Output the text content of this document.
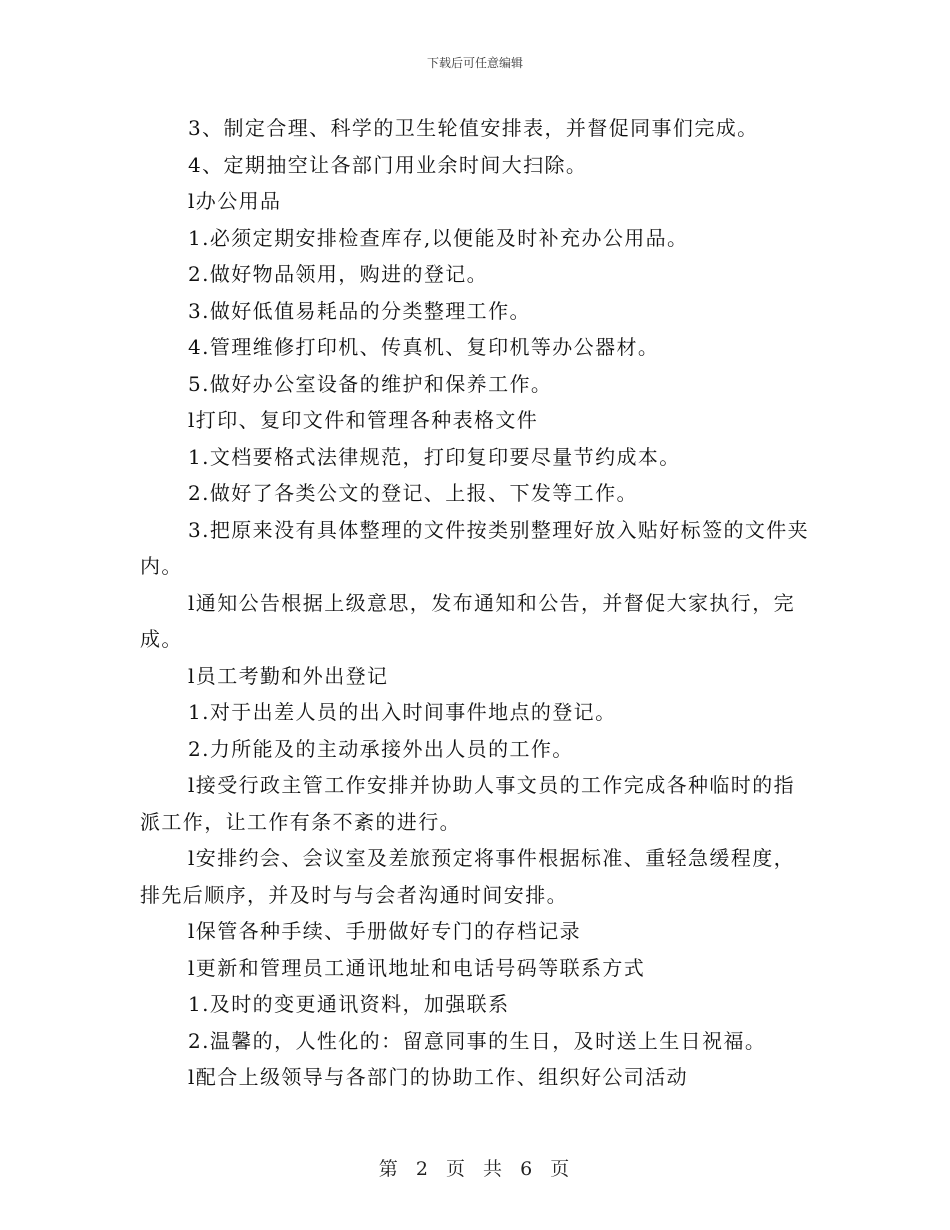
下载后可任意编辑

3、制定合理、科学的卫生轮值安排表，并督促同事们完成。

4、定期抽空让各部门用业余时间大扫除。

l办公用品

1.必须定期安排检查库存,以便能及时补充办公用品。

2.做好物品领用，购进的登记。

3.做好低值易耗品的分类整理工作。

4.管理维修打印机、传真机、复印机等办公器材。

5.做好办公室设备的维护和保养工作。

l打印、复印文件和管理各种表格文件

1.文档要格式法律规范，打印复印要尽量节约成本。

2.做好了各类公文的登记、上报、下发等工作。

3.把原来没有具体整理的文件按类别整理好放入贴好标签的文件夹内。

l通知公告根据上级意思，发布通知和公告，并督促大家执行，完成。

l员工考勤和外出登记

1.对于出差人员的出入时间事件地点的登记。

2.力所能及的主动承接外出人员的工作。

l接受行政主管工作安排并协助人事文员的工作完成各种临时的指派工作，让工作有条不紊的进行。

l安排约会、会议室及差旅预定将事件根据标准、重轻急缓程度，排先后顺序，并及时与与会者沟通时间安排。

l保管各种手续、手册做好专门的存档记录

l更新和管理员工通讯地址和电话号码等联系方式

1.及时的变更通讯资料，加强联系

2.温馨的，人性化的：留意同事的生日，及时送上生日祝福。

l配合上级领导与各部门的协助工作、组织好公司活动

第 2 页 共 6 页
